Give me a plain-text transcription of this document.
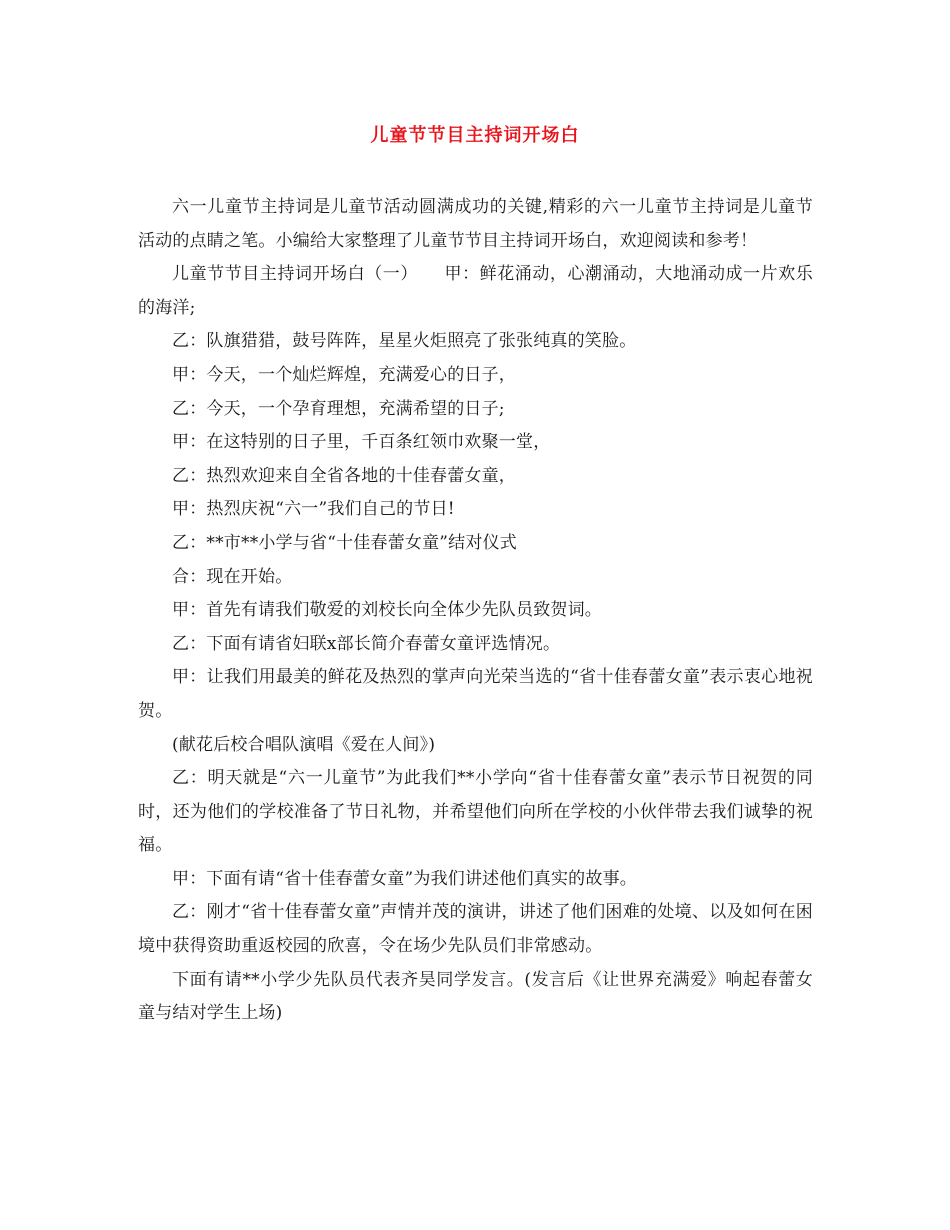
儿童节节目主持词开场白

六一儿童节主持词是儿童节活动圆满成功的关键,精彩的六一儿童节主持词是儿童节活动的点睛之笔。小编给大家整理了儿童节节目主持词开场白，欢迎阅读和参考！

儿童节节目主持词开场白（一）　　甲：鲜花涌动，心潮涌动，大地涌动成一片欢乐的海洋;

乙：队旗猎猎，鼓号阵阵，星星火炬照亮了张张纯真的笑脸。

甲：今天，一个灿烂辉煌，充满爱心的日子，

乙：今天，一个孕育理想，充满希望的日子;

甲：在这特别的日子里，千百条红领巾欢聚一堂，

乙：热烈欢迎来自全省各地的十佳春蕾女童，

甲：热烈庆祝“六一”我们自己的节日!

乙：**市**小学与省“十佳春蕾女童”结对仪式

合：现在开始。

甲：首先有请我们敬爱的刘校长向全体少先队员致贺词。

乙：下面有请省妇联x部长简介春蕾女童评选情况。

甲：让我们用最美的鲜花及热烈的掌声向光荣当选的“省十佳春蕾女童”表示衷心地祝贺。

(献花后校合唱队演唱《爱在人间》)

乙：明天就是“六一儿童节”为此我们**小学向“省十佳春蕾女童”表示节日祝贺的同时，还为他们的学校准备了节日礼物，并希望他们向所在学校的小伙伴带去我们诚挚的祝福。

甲：下面有请“省十佳春蕾女童”为我们讲述他们真实的故事。

乙：刚才“省十佳春蕾女童”声情并茂的演讲，讲述了他们困难的处境、以及如何在困境中获得资助重返校园的欣喜，令在场少先队员们非常感动。

下面有请**小学少先队员代表齐昊同学发言。(发言后《让世界充满爱》响起春蕾女童与结对学生上场)
